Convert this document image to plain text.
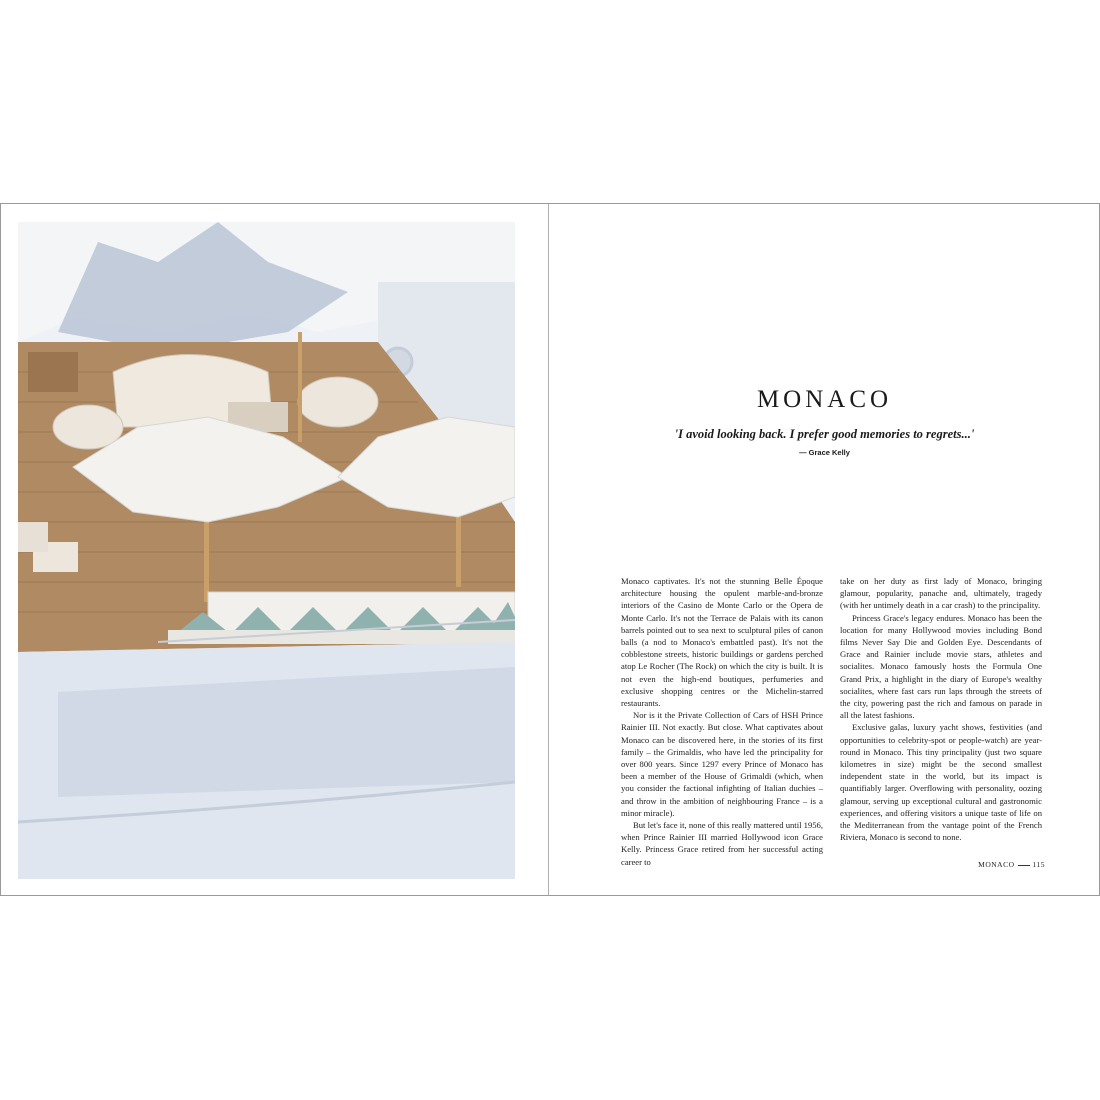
MONACO
'I avoid looking back. I prefer good memories to regrets...'
— Grace Kelly

Monaco captivates. It's not the stunning Belle Époque architecture housing the opulent marble-and-bronze interiors of the Casino de Monte Carlo or the Opera de Monte Carlo. It's not the Terrace de Palais with its canon barrels pointed out to sea next to sculptural piles of canon balls (a nod to Monaco's embattled past). It's not the cobblestone streets, historic buildings or gardens perched atop Le Rocher (The Rock) on which the city is built. It is not even the high-end boutiques, perfumeries and exclusive shopping centres or the Michelin-starred restaurants.

Nor is it the Private Collection of Cars of HSH Prince Rainier III. Not exactly. But close. What captivates about Monaco can be discovered here, in the stories of its first family – the Grimaldis, who have led the principality for over 800 years. Since 1297 every Prince of Monaco has been a member of the House of Grimaldi (which, when you consider the factional infighting of Italian duchies – and throw in the ambition of neighbouring France – is a minor miracle).

But let's face it, none of this really mattered until 1956, when Prince Rainier III married Hollywood icon Grace Kelly. Princess Grace retired from her successful acting career to

take on her duty as first lady of Monaco, bringing glamour, popularity, panache and, ultimately, tragedy (with her untimely death in a car crash) to the principality.

Princess Grace's legacy endures. Monaco has been the location for many Hollywood movies including Bond films Never Say Die and Golden Eye. Descendants of Grace and Rainier include movie stars, athletes and socialites. Monaco famously hosts the Formula One Grand Prix, a highlight in the diary of Europe's wealthy socialites, where fast cars run laps through the streets of the city, powering past the rich and famous on parade in all the latest fashions.

Exclusive galas, luxury yacht shows, festivities (and opportunities to celebrity-spot or people-watch) are year-round in Monaco. This tiny principality (just two square kilometres in size) might be the second smallest independent state in the world, but its impact is quantifiably larger. Overflowing with personality, oozing glamour, serving up exceptional cultural and gastronomic experiences, and offering visitors a unique taste of life on the Mediterranean from the vantage point of the French Riviera, Monaco is second to none.

MONACO 115
